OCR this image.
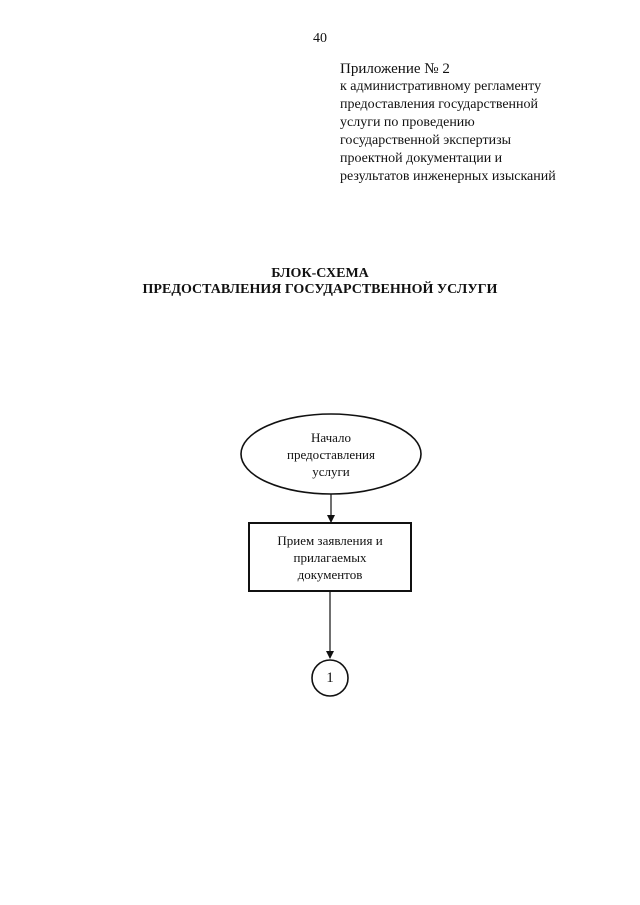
40
Приложение № 2
к административному регламенту
предоставления государственной
услуги по проведению
государственной экспертизы
проектной документации и
результатов инженерных изысканий
БЛОК-СХЕМА
ПРЕДОСТАВЛЕНИЯ ГОСУДАРСТВЕННОЙ УСЛУГИ
Начало
предоставления
услуги
Прием заявления и
прилагаемых
документов
1
